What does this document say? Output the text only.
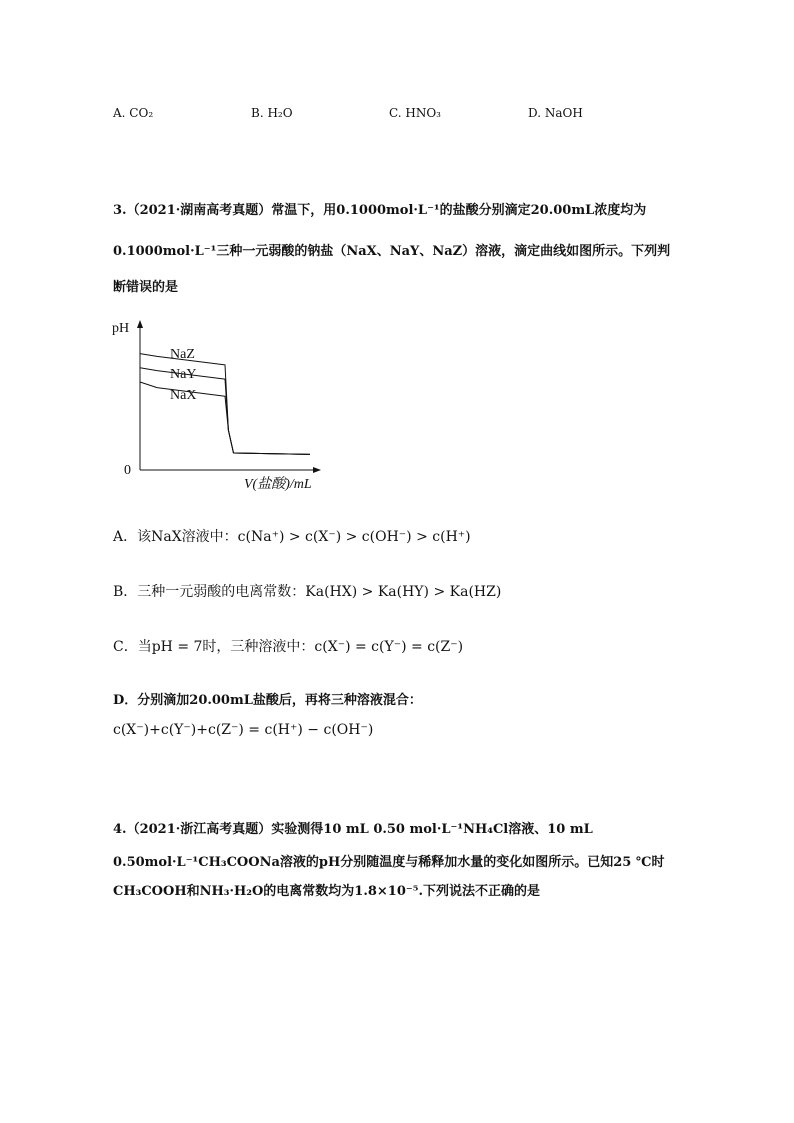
A. CO₂	B. H₂O	C. HNO₃	D. NaOH
3.（2021·湖南高考真题）常温下，用0.1000mol·L⁻¹的盐酸分别滴定20.00mL浓度均为
0.1000mol·L⁻¹三种一元弱酸的钠盐（NaX、NaY、NaZ）溶液，滴定曲线如图所示。下列判
断错误的是
pH
0
V(盐酸)/mL
NaZ
NaY
NaX
A．该NaX溶液中：c(Na⁺) > c(X⁻) > c(OH⁻) > c(H⁺)
B．三种一元弱酸的电离常数：Ka(HX) > Ka(HY) > Ka(HZ)
C．当pH = 7时，三种溶液中：c(X⁻) = c(Y⁻) = c(Z⁻)
D．分别滴加20.00mL盐酸后，再将三种溶液混合：
c(X⁻)+c(Y⁻)+c(Z⁻) = c(H⁺) − c(OH⁻)
4.（2021·浙江高考真题）实验测得10 mL 0.50 mol·L⁻¹NH₄Cl溶液、10 mL
0.50mol·L⁻¹CH₃COONa溶液的pH分别随温度与稀释加水量的变化如图所示。已知25 ℃时
CH₃COOH和NH₃·H₂O的电离常数均为1.8×10⁻⁵.下列说法不正确的是
